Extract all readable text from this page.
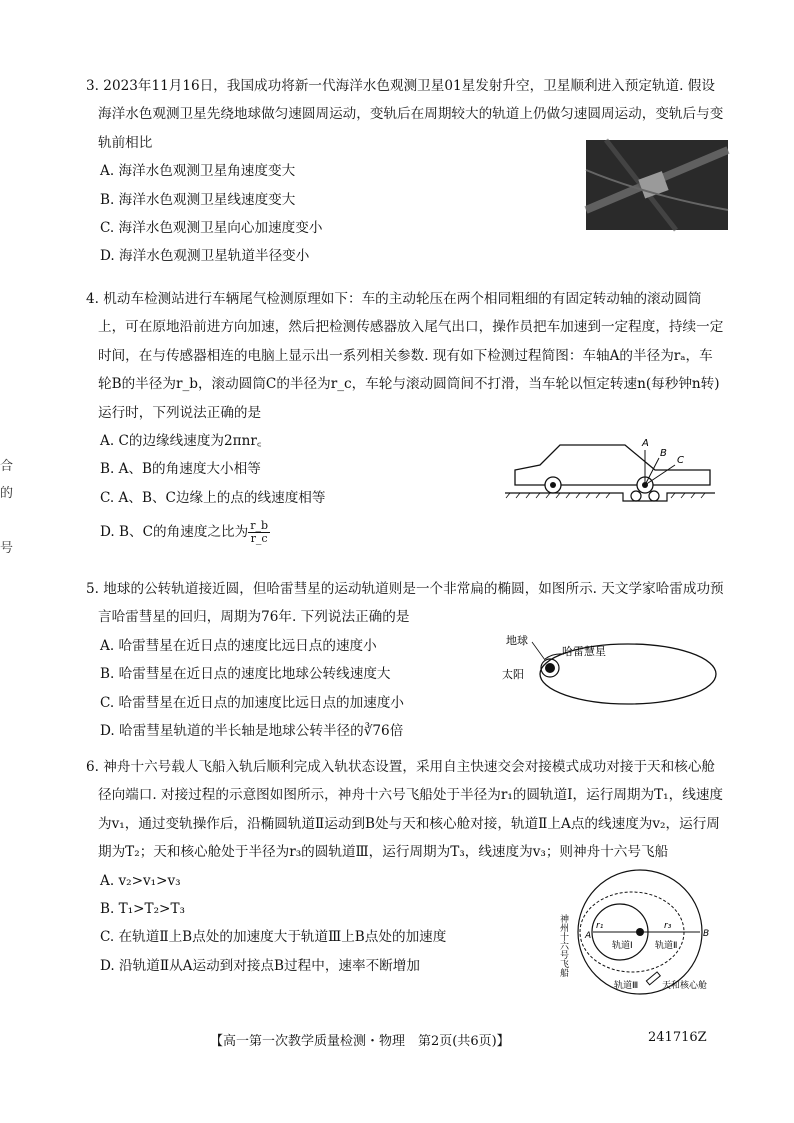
合
的
号

3. 2023年11月16日，我国成功将新一代海洋水色观测卫星01星发射升空，卫星顺利进入预定轨道. 假设海洋水色观测卫星先绕地球做匀速圆周运动，变轨后在周期较大的轨道上仍做匀速圆周运动，变轨后与变轨前相比

A. 海洋水色观测卫星角速度变大

B. 海洋水色观测卫星线速度变大

C. 海洋水色观测卫星向心加速度变小

D. 海洋水色观测卫星轨道半径变小

4. 机动车检测站进行车辆尾气检测原理如下：车的主动轮压在两个相同粗细的有固定转动轴的滚动圆筒上，可在原地沿前进方向加速，然后把检测传感器放入尾气出口，操作员把车加速到一定程度，持续一定时间，在与传感器相连的电脑上显示出一系列相关参数. 现有如下检测过程简图：车轴A的半径为rₐ，车轮B的半径为r_b，滚动圆筒C的半径为r_c，车轮与滚动圆筒间不打滑，当车轮以恒定转速n(每秒钟n转)运行时，下列说法正确的是

A. C的边缘线速度为2πnr꜀

B. A、B的角速度大小相等

C. A、B、C边缘上的点的线速度相等

D. B、C的角速度之比为 $\frac{r\_b}{r\_c}$

A
B
C

5. 地球的公转轨道接近圆，但哈雷彗星的运动轨道则是一个非常扁的椭圆，如图所示. 天文学家哈雷成功预言哈雷彗星的回归，周期为76年. 下列说法正确的是

A. 哈雷彗星在近日点的速度比远日点的速度小

B. 哈雷彗星在近日点的速度比地球公转线速度大

C. 哈雷彗星在近日点的加速度比远日点的加速度小

D. 哈雷彗星轨道的半长轴是地球公转半径的∛76倍

地球
哈雷慧星
太阳

6. 神舟十六号载人飞船入轨后顺利完成入轨状态设置，采用自主快速交会对接模式成功对接于天和核心舱径向端口. 对接过程的示意图如图所示，神舟十六号飞船处于半径为r₁的圆轨道Ⅰ，运行周期为T₁，线速度为v₁，通过变轨操作后，沿椭圆轨道Ⅱ运动到B处与天和核心舱对接，轨道Ⅱ上A点的线速度为v₂，运行周期为T₂；天和核心舱处于半径为r₃的圆轨道Ⅲ，运行周期为T₃，线速度为v₃；则神舟十六号飞船

A. v₂>v₁>v₃

B. T₁>T₂>T₃

C. 在轨道Ⅱ上B点处的加速度大于轨道Ⅲ上B点处的加速度

D. 沿轨道Ⅱ从A运动到对接点B过程中，速率不断增加	神州十六号飞船	r₁	r₃
A	B
轨道Ⅰ 轨道Ⅱ
轨道Ⅲ	天和核心舱
【高一第一次教学质量检测・物理　第2页(共6页)】	241716Z
